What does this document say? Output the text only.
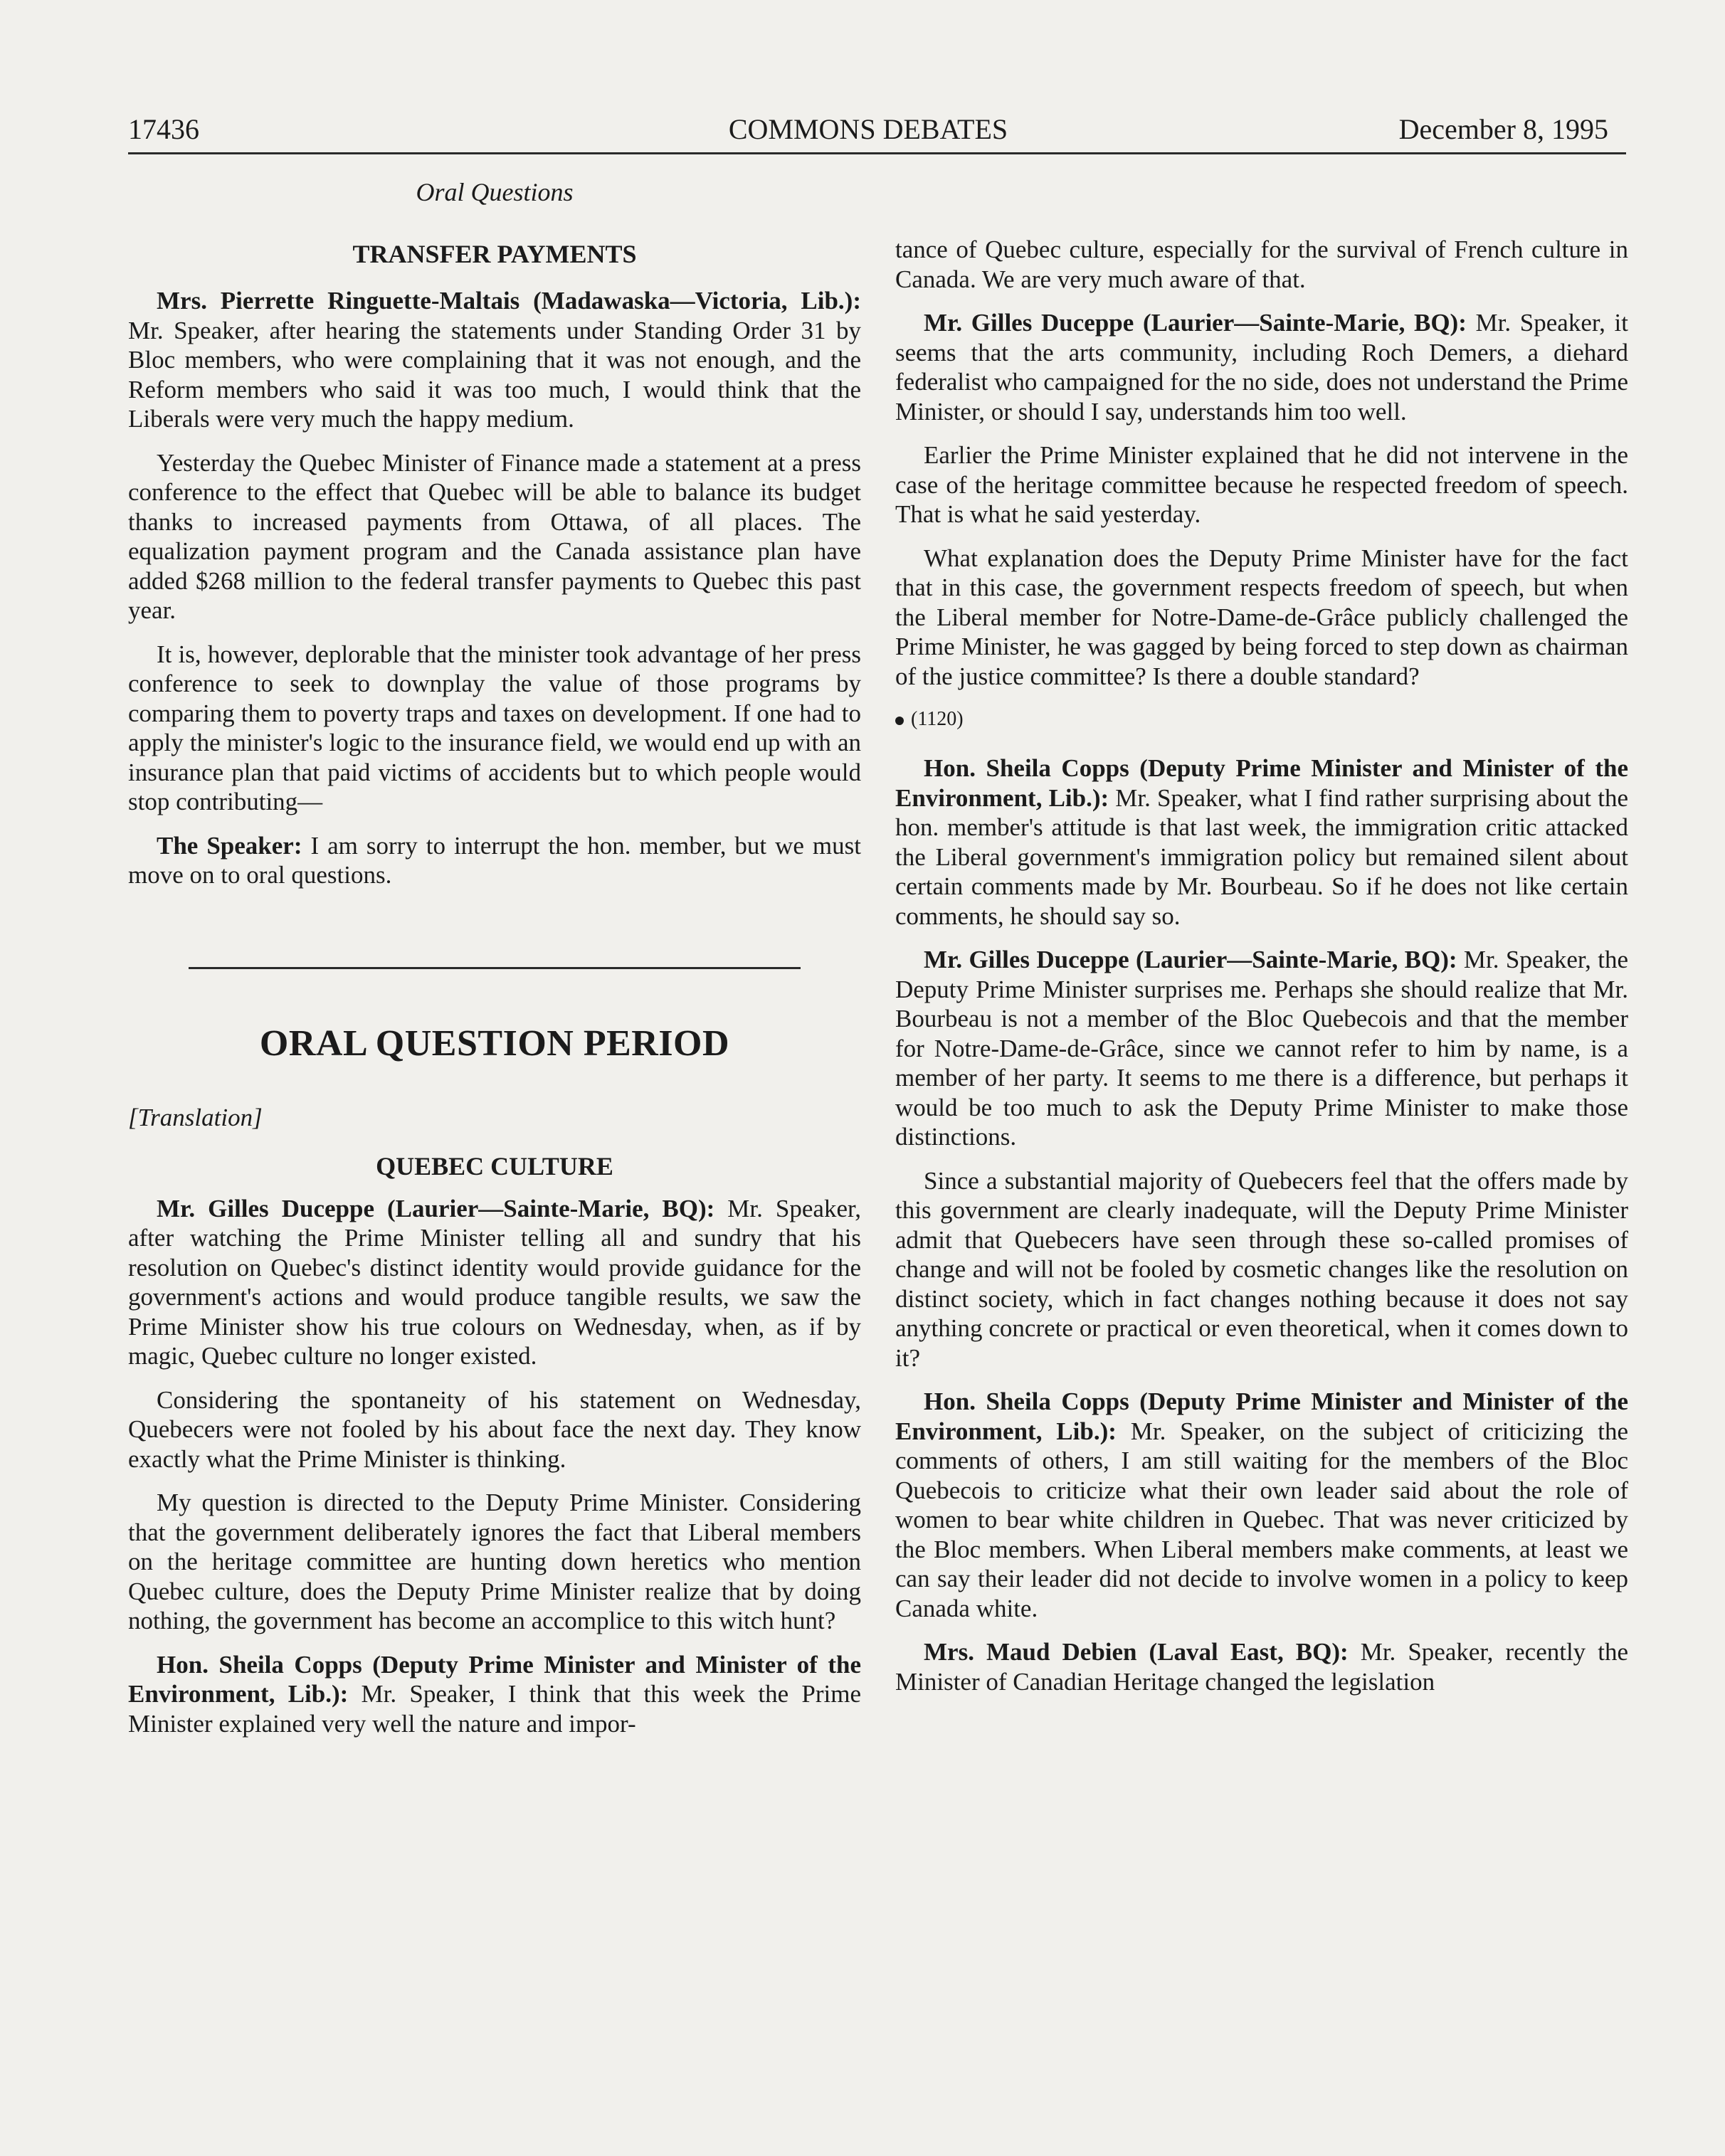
17436	COMMONS DEBATES	December 8, 1995
Oral Questions
TRANSFER PAYMENTS

Mrs. Pierrette Ringuette-Maltais (Madawaska—Victoria, Lib.): Mr. Speaker, after hearing the statements under Standing Order 31 by Bloc members, who were complaining that it was not enough, and the Reform members who said it was too much, I would think that the Liberals were very much the happy medium.

Yesterday the Quebec Minister of Finance made a statement at a press conference to the effect that Quebec will be able to balance its budget thanks to increased payments from Ottawa, of all places. The equalization payment program and the Canada assistance plan have added $268 million to the federal transfer payments to Quebec this past year.

It is, however, deplorable that the minister took advantage of her press conference to seek to downplay the value of those programs by comparing them to poverty traps and taxes on development. If one had to apply the minister's logic to the insurance field, we would end up with an insurance plan that paid victims of accidents but to which people would stop contributing—

The Speaker: I am sorry to interrupt the hon. member, but we must move on to oral questions.

ORAL QUESTION PERIOD
[Translation]
QUEBEC CULTURE

Mr. Gilles Duceppe (Laurier—Sainte-Marie, BQ): Mr. Speaker, after watching the Prime Minister telling all and sundry that his resolution on Quebec's distinct identity would provide guidance for the government's actions and would produce tangible results, we saw the Prime Minister show his true colours on Wednesday, when, as if by magic, Quebec culture no longer existed.

Considering the spontaneity of his statement on Wednesday, Quebecers were not fooled by his about face the next day. They know exactly what the Prime Minister is thinking.

My question is directed to the Deputy Prime Minister. Considering that the government deliberately ignores the fact that Liberal members on the heritage committee are hunting down heretics who mention Quebec culture, does the Deputy Prime Minister realize that by doing nothing, the government has become an accomplice to this witch hunt?

Hon. Sheila Copps (Deputy Prime Minister and Minister of the Environment, Lib.): Mr. Speaker, I think that this week the Prime Minister explained very well the nature and impor-

tance of Quebec culture, especially for the survival of French culture in Canada. We are very much aware of that.

Mr. Gilles Duceppe (Laurier—Sainte-Marie, BQ): Mr. Speaker, it seems that the arts community, including Roch Demers, a diehard federalist who campaigned for the no side, does not understand the Prime Minister, or should I say, understands him too well.

Earlier the Prime Minister explained that he did not intervene in the case of the heritage committee because he respected freedom of speech. That is what he said yesterday.

What explanation does the Deputy Prime Minister have for the fact that in this case, the government respects freedom of speech, but when the Liberal member for Notre-Dame-de-Grâce publicly challenged the Prime Minister, he was gagged by being forced to step down as chairman of the justice committee? Is there a double standard?

(1120)

Hon. Sheila Copps (Deputy Prime Minister and Minister of the Environment, Lib.): Mr. Speaker, what I find rather surprising about the hon. member's attitude is that last week, the immigration critic attacked the Liberal government's immigration policy but remained silent about certain comments made by Mr. Bourbeau. So if he does not like certain comments, he should say so.

Mr. Gilles Duceppe (Laurier—Sainte-Marie, BQ): Mr. Speaker, the Deputy Prime Minister surprises me. Perhaps she should realize that Mr. Bourbeau is not a member of the Bloc Quebecois and that the member for Notre-Dame-de-Grâce, since we cannot refer to him by name, is a member of her party. It seems to me there is a difference, but perhaps it would be too much to ask the Deputy Prime Minister to make those distinctions.

Since a substantial majority of Quebecers feel that the offers made by this government are clearly inadequate, will the Deputy Prime Minister admit that Quebecers have seen through these so-called promises of change and will not be fooled by cosmetic changes like the resolution on distinct society, which in fact changes nothing because it does not say anything concrete or practical or even theoretical, when it comes down to it?

Hon. Sheila Copps (Deputy Prime Minister and Minister of the Environment, Lib.): Mr. Speaker, on the subject of criticizing the comments of others, I am still waiting for the members of the Bloc Quebecois to criticize what their own leader said about the role of women to bear white children in Quebec. That was never criticized by the Bloc members. When Liberal members make comments, at least we can say their leader did not decide to involve women in a policy to keep Canada white.

Mrs. Maud Debien (Laval East, BQ): Mr. Speaker, recently the Minister of Canadian Heritage changed the legislation
